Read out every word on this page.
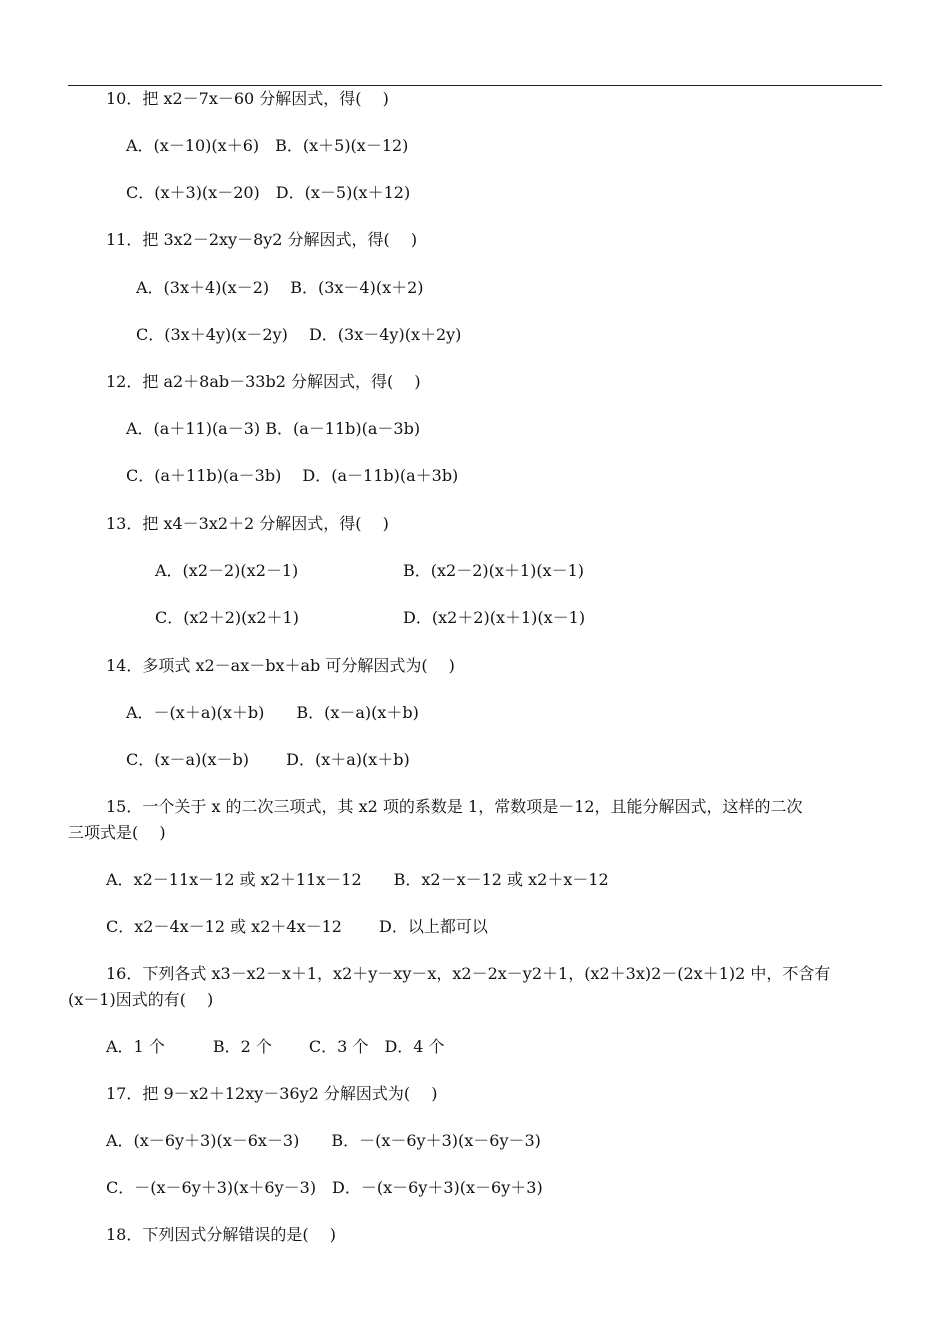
10．把 x2－7x－60 分解因式，得(　 )
A．(x－10)(x＋6)　B．(x＋5)(x－12)
C．(x＋3)(x－20)　D．(x－5)(x＋12)
11．把 3x2－2xy－8y2 分解因式，得(　 )
A．(3x＋4)(x－2)　 B．(3x－4)(x＋2)
C．(3x＋4y)(x－2y)　 D．(3x－4y)(x＋2y)
12．把 a2＋8ab－33b2 分解因式，得(　 )
A．(a＋11)(a－3) B．(a－11b)(a－3b)
C．(a＋11b)(a－3b)　 D．(a－11b)(a＋3b)
13．把 x4－3x2＋2 分解因式，得(　 )
A．(x2－2)(x2－1)	B．(x2－2)(x＋1)(x－1)
C．(x2＋2)(x2＋1)	D．(x2＋2)(x＋1)(x－1)
14．多项式 x2－ax－bx＋ab 可分解因式为(　 )
A．－(x＋a)(x＋b)　　B．(x－a)(x＋b)
C．(x－a)(x－b)　　 D．(x＋a)(x＋b)
15．一个关于 x 的二次三项式，其 x2 项的系数是 1，常数项是－12，且能分解因式，这样的二次
三项式是(　 )
A．x2－11x－12 或 x2＋11x－12　　B．x2－x－12 或 x2＋x－12
C．x2－4x－12 或 x2＋4x－12　　 D．以上都可以
16．下列各式 x3－x2－x＋1，x2＋y－xy－x，x2－2x－y2＋1，(x2＋3x)2－(2x＋1)2 中，不含有
(x－1)因式的有(　 )
A．1 个　　　B．2 个　　 C．3 个　D．4 个
17．把 9－x2＋12xy－36y2 分解因式为(　 )
A．(x－6y＋3)(x－6x－3)　　B．－(x－6y＋3)(x－6y－3)
C．－(x－6y＋3)(x＋6y－3)　D．－(x－6y＋3)(x－6y＋3)
18．下列因式分解错误的是(　 )
